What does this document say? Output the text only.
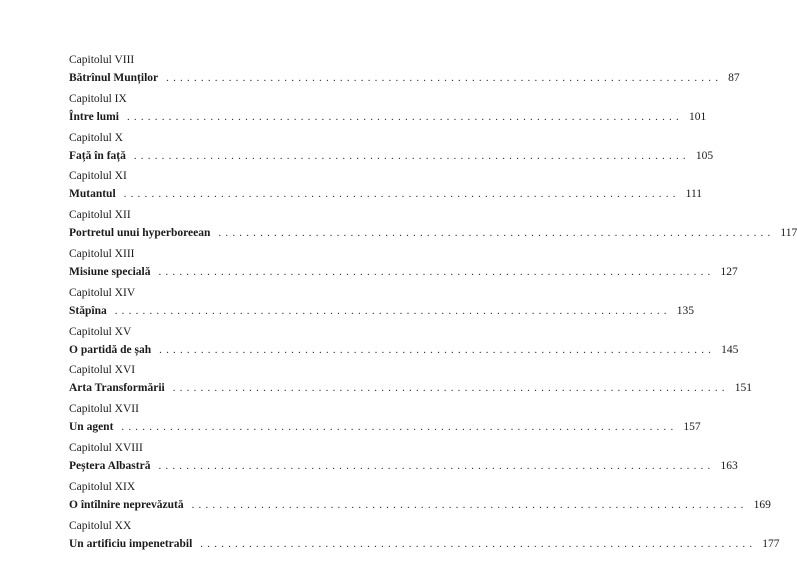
Capitolul VIII
Bătrînul Munților ................................................................................ 87
Capitolul IX
Între lumi ................................................................................ 101
Capitolul X
Față în față ................................................................................ 105
Capitolul XI
Mutantul ................................................................................ 111
Capitolul XII
Portretul unui hyperboreean ................................................................................ 117
Capitolul XIII
Misiune specială ................................................................................ 127
Capitolul XIV
Stăpîna ................................................................................ 135
Capitolul XV
O partidă de șah ................................................................................ 145
Capitolul XVI
Arta Transformării ................................................................................ 151
Capitolul XVII
Un agent ................................................................................ 157
Capitolul XVIII
Peștera Albastră ................................................................................ 163
Capitolul XIX
O întîlnire neprevăzută ................................................................................ 169
Capitolul XX
Un artificiu impenetrabil ................................................................................ 177
